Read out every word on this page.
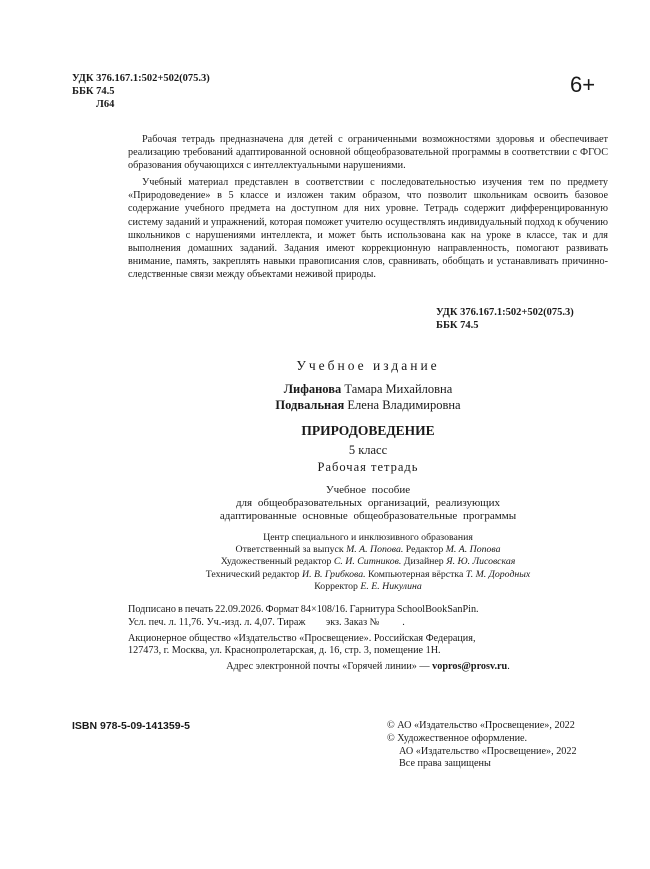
УДК 376.167.1:502+502(075.3)
ББК 74.5
Л64
6+

Рабочая тетрадь предназначена для детей с ограниченными возможностями здоровья и обеспечивает реализацию требований адаптированной основной общеобразовательной программы в соответствии с ФГОС образования обучающихся с интеллектуальными нарушениями.

Учебный материал представлен в соответствии с последовательностью изучения тем по предмету «Природоведение» в 5 классе и изложен таким образом, что позволит школьникам освоить базовое содержание учебного предмета на доступном для них уровне. Тетрадь содержит дифференцированную систему заданий и упражнений, которая поможет учителю осуществлять индивидуальный подход к обучению школьников с нарушениями интеллекта, и может быть использована как на уроке в классе, так и для выполнения домашних заданий. Задания имеют коррекционную направленность, помогают развивать внимание, память, закреплять навыки правописания слов, сравнивать, обобщать и устанавливать причинно-следственные связи между объектами неживой природы.

УДК 376.167.1:502+502(075.3)
ББК 74.5
Учебное издание
Лифанова Тамара Михайловна
Подвальная Елена Владимировна
ПРИРОДОВЕДЕНИЕ
5 класс
Рабочая тетрадь
Учебное пособие
для общеобразовательных организаций, реализующих
адаптированные основные общеобразовательные программы
Центр специального и инклюзивного образования
Ответственный за выпуск М. А. Попова. Редактор М. А. Попова
Художественный редактор С. И. Ситников. Дизайнер Я. Ю. Лисовская
Технический редактор И. В. Грибкова. Компьютерная вёрстка Т. М. Дородных
Корректор Е. Е. Никулина
Подписано в печать 22.09.2026. Формат 84×108/16. Гарнитура SchoolBookSanPin.
Усл. печ. л. 11,76. Уч.-изд. л. 4,07. Тираж        экз. Заказ №         .
Акционерное общество «Издательство «Просвещение». Российская Федерация,
127473, г. Москва, ул. Краснопролетарская, д. 16, стр. 3, помещение 1Н.
Адрес электронной почты «Горячей линии» — vopros@prosv.ru.
ISBN 978-5-09-141359-5	© АО «Издательство «Просвещение», 2022
© Художественное оформление.
АО «Издательство «Просвещение», 2022
Все права защищены
